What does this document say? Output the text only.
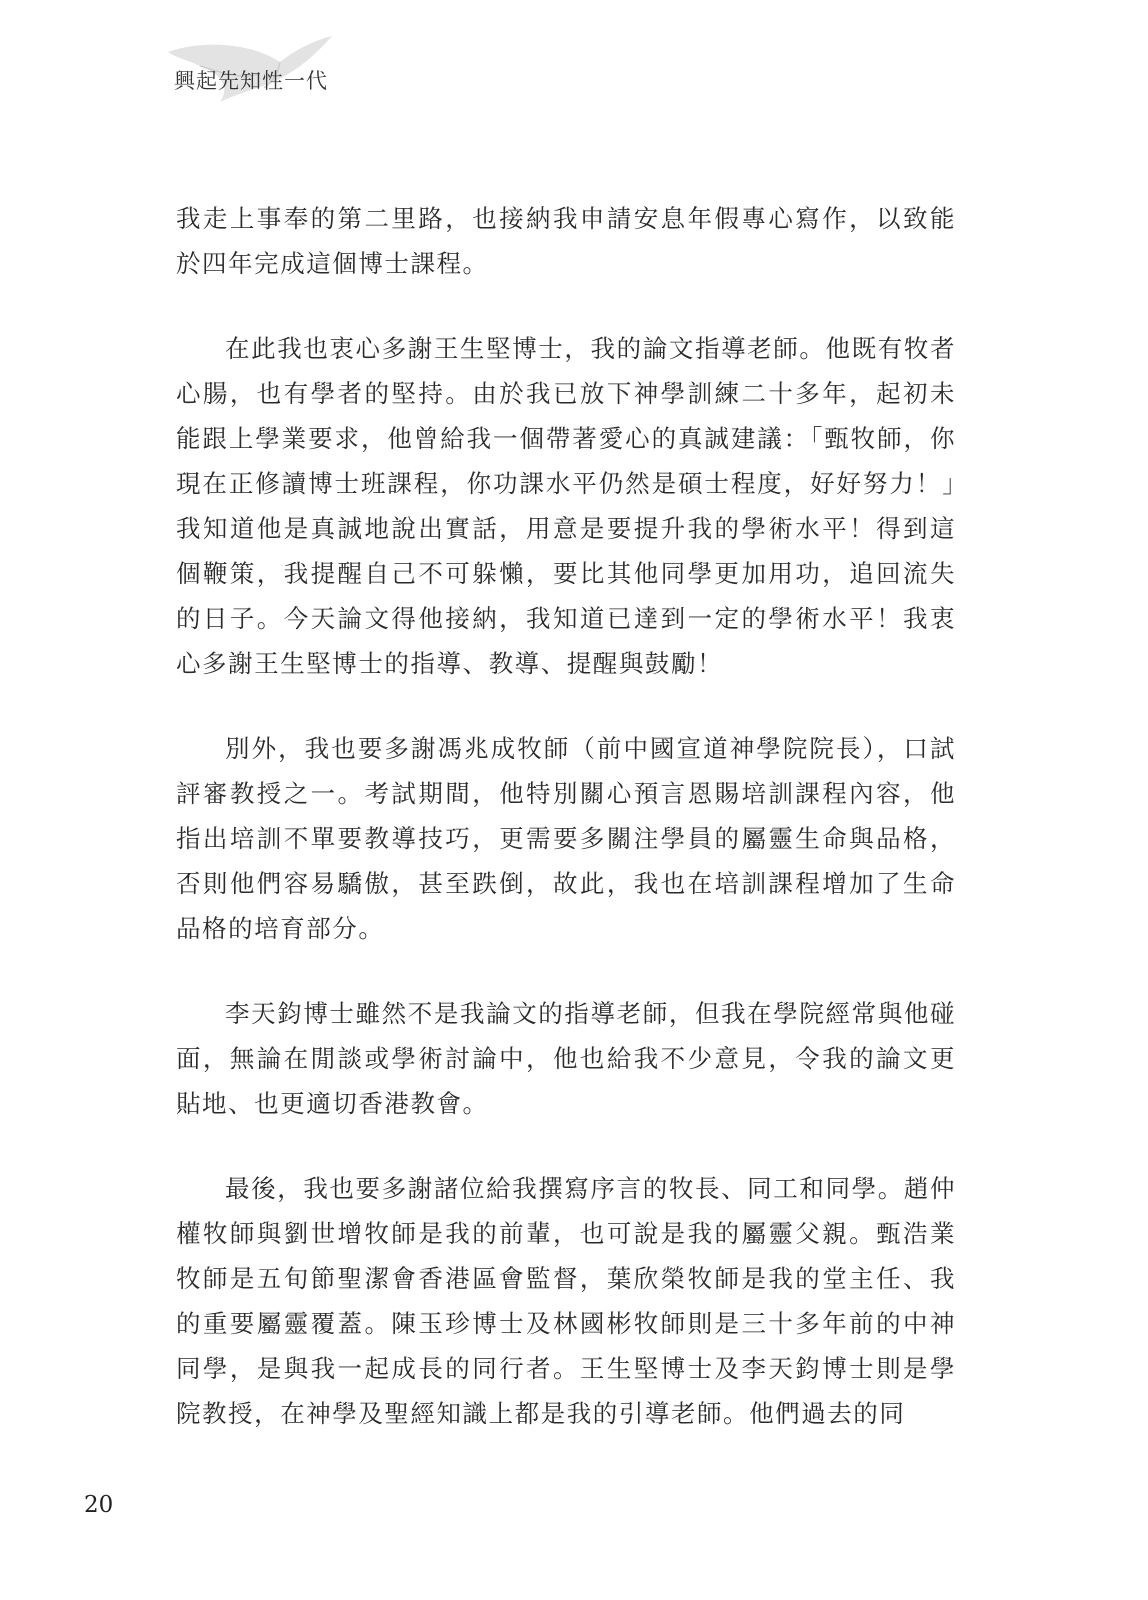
興起先知性一代

我走上事奉的第二里路，也接納我申請安息年假專心寫作，以致能於四年完成這個博士課程。

在此我也衷心多謝王生堅博士，我的論文指導老師。他既有牧者心腸，也有學者的堅持。由於我已放下神學訓練二十多年，起初未能跟上學業要求，他曾給我一個帶著愛心的真誠建議：「甄牧師，你現在正修讀博士班課程，你功課水平仍然是碩士程度，好好努力！」我知道他是真誠地說出實話，用意是要提升我的學術水平！得到這個鞭策，我提醒自己不可躲懶，要比其他同學更加用功，追回流失的日子。今天論文得他接納，我知道已達到一定的學術水平！我衷心多謝王生堅博士的指導、教導、提醒與鼓勵！

別外，我也要多謝馮兆成牧師（前中國宣道神學院院長），口試評審教授之一。考試期間，他特別關心預言恩賜培訓課程內容，他指出培訓不單要教導技巧，更需要多關注學員的屬靈生命與品格，否則他們容易驕傲，甚至跌倒，故此，我也在培訓課程增加了生命品格的培育部分。

李天鈞博士雖然不是我論文的指導老師，但我在學院經常與他碰面，無論在閒談或學術討論中，他也給我不少意見，令我的論文更貼地、也更適切香港教會。

最後，我也要多謝諸位給我撰寫序言的牧長、同工和同學。趙仲權牧師與劉世增牧師是我的前輩，也可說是我的屬靈父親。甄浩業牧師是五旬節聖潔會香港區會監督，葉欣榮牧師是我的堂主任、我的重要屬靈覆蓋。陳玉珍博士及林國彬牧師則是三十多年前的中神同學，是與我一起成長的同行者。王生堅博士及李天鈞博士則是學院教授，在神學及聖經知識上都是我的引導老師。他們過去的同

20
